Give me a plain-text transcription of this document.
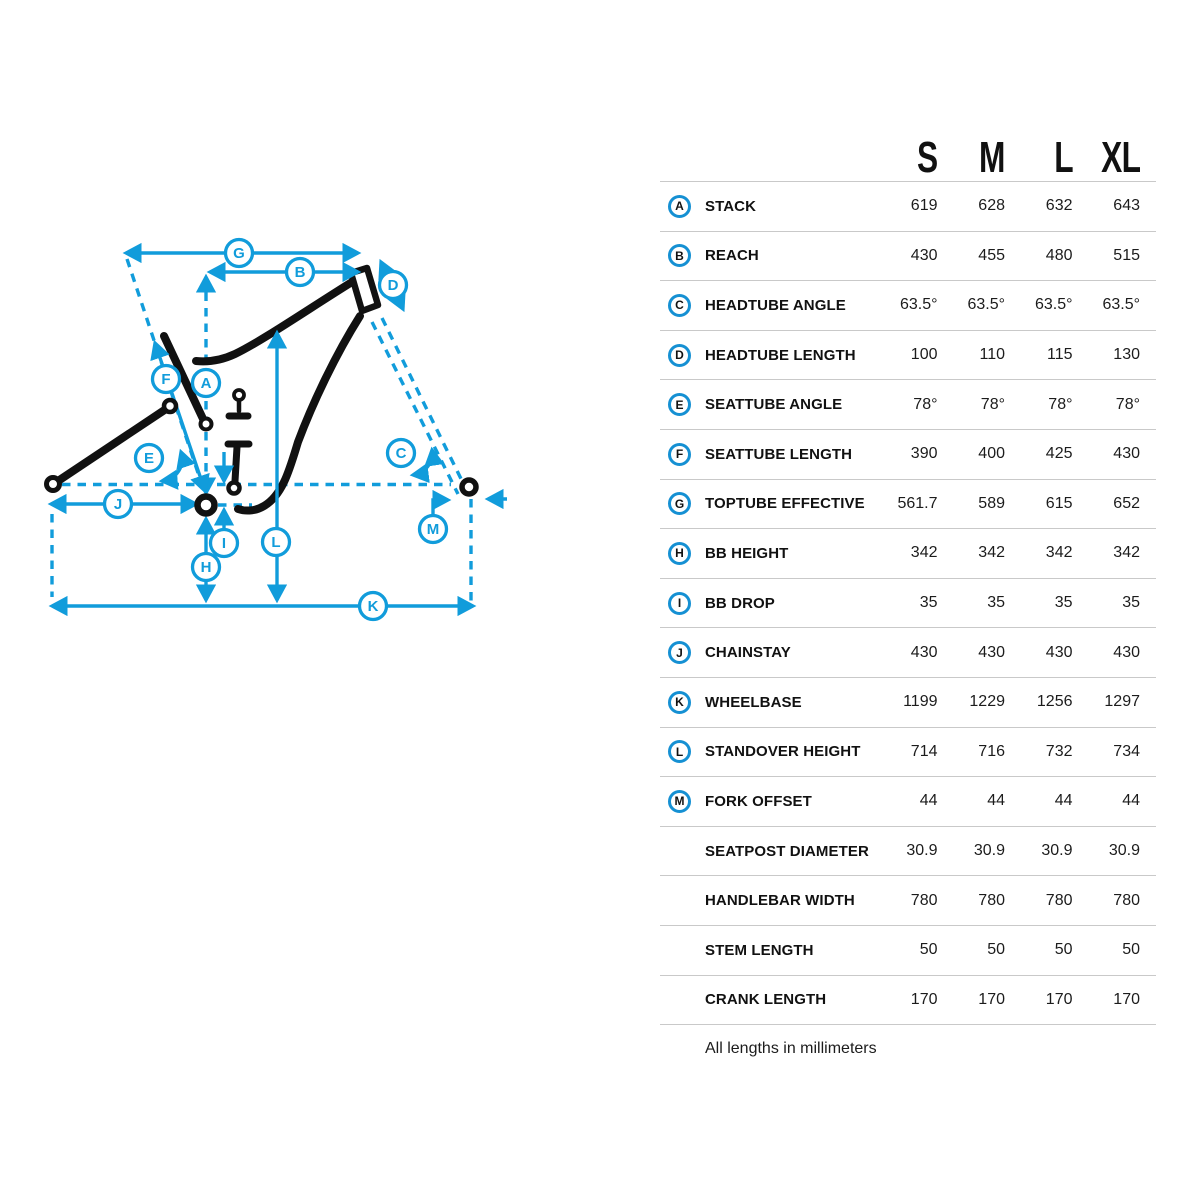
A
B
C
D
E
F
G
H
I
J
K
L
M
S M	L XL
A	STACK	619	628	632	643
B	REACH	430	455	480	515
C	HEADTUBE ANGLE	63.5°	63.5°	63.5°	63.5°
D	HEADTUBE LENGTH	100	110	115	130
E	SEATTUBE ANGLE	78°	78°	78°	78°
F	SEATTUBE LENGTH	390	400	425	430
G	TOPTUBE EFFECTIVE	561.7	589	615	652
H	BB HEIGHT	342	342	342	342
I	BB DROP	35	35	35	35
J	CHAINSTAY	430	430	430	430
K	WHEELBASE	1199	1229	1256	1297
L	STANDOVER HEIGHT	714	716	732	734
M	FORK OFFSET	44	44	44	44
SEATPOST DIAMETER	30.9	30.9	30.9	30.9
HANDLEBAR WIDTH	780	780	780	780
STEM LENGTH	50	50	50	50
CRANK LENGTH	170	170	170	170
All lengths in millimeters
